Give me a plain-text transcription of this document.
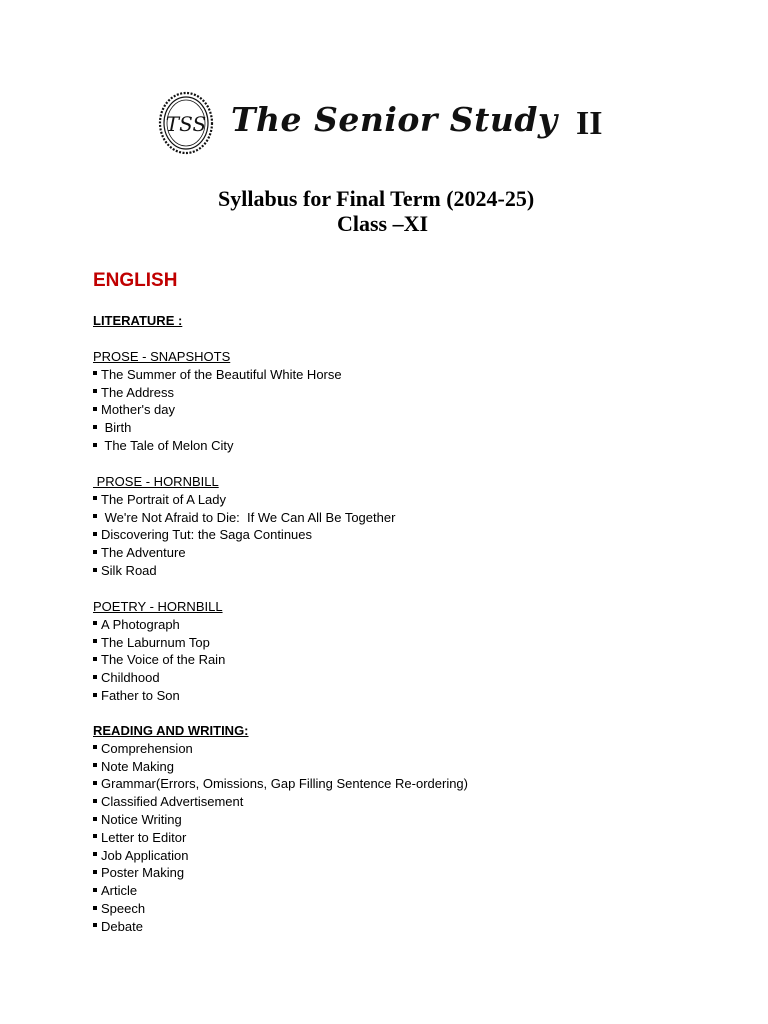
TSS The Senior Study II
Syllabus for Final Term (2024-25)
Class –XI
ENGLISH
LITERATURE :
PROSE - SNAPSHOTS
The Summer of the Beautiful White Horse
The Address
Mother's day
Birth
The Tale of Melon City
PROSE - HORNBILL
The Portrait of A Lady
We're Not Afraid to Die:  If We Can All Be Together
Discovering Tut: the Saga Continues
The Adventure
Silk Road
POETRY - HORNBILL
A Photograph
The Laburnum Top
The Voice of the Rain
Childhood
Father to Son
READING AND WRITING:
Comprehension
Note Making
Grammar(Errors, Omissions, Gap Filling Sentence Re-ordering)
Classified Advertisement
Notice Writing
Letter to Editor
Job Application
Poster Making
Article
Speech
Debate
